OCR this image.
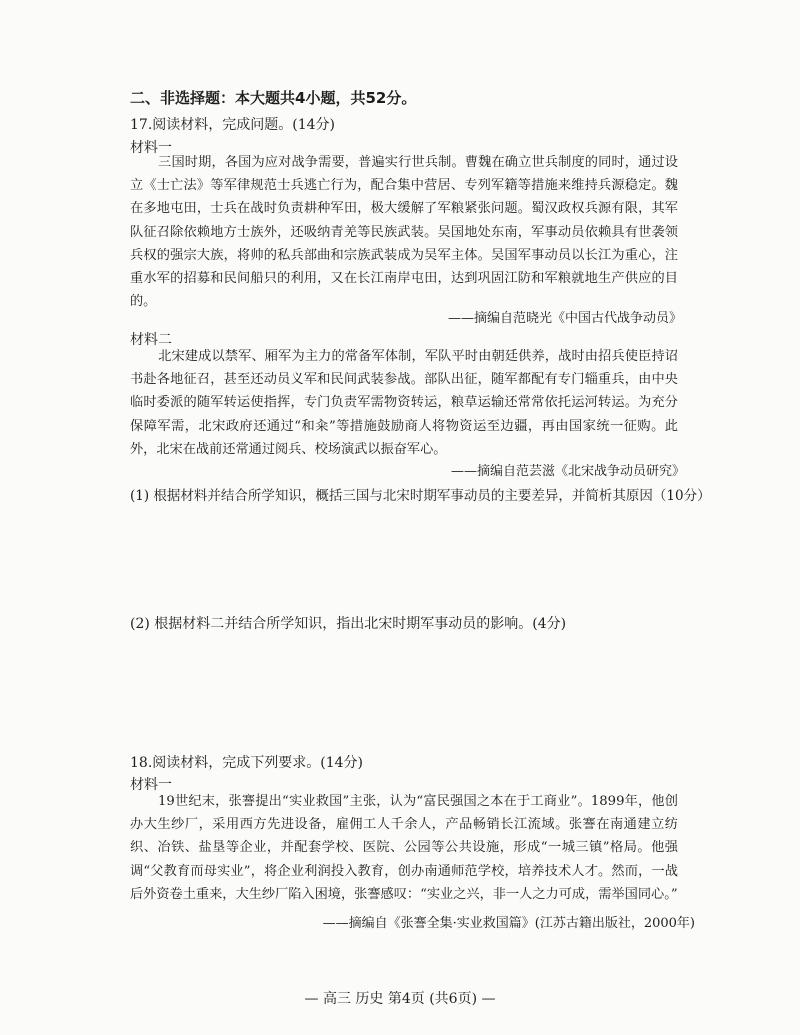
二、非选择题：本大题共4小题，共52分。
17.阅读材料，完成问题。(14分)
材料一
三国时期，各国为应对战争需要，普遍实行世兵制。曹魏在确立世兵制度的同时，通过设立《士亡法》等军律规范士兵逃亡行为，配合集中营居、专列军籍等措施来维持兵源稳定。魏在多地屯田，士兵在战时负责耕种军田，极大缓解了军粮紧张问题。蜀汉政权兵源有限，其军队征召除依赖地方士族外，还吸纳青羌等民族武装。吴国地处东南，军事动员依赖具有世袭领兵权的强宗大族，将帅的私兵部曲和宗族武装成为吴军主体。吴国军事动员以长江为重心，注重水军的招募和民间船只的利用，又在长江南岸屯田，达到巩固江防和军粮就地生产供应的目的。
——摘编自范晓光《中国古代战争动员》
材料二
北宋建成以禁军、厢军为主力的常备军体制，军队平时由朝廷供养，战时由招兵使臣持诏书赴各地征召，甚至还动员义军和民间武装参战。部队出征，随军都配有专门辎重兵，由中央临时委派的随军转运使指挥，专门负责军需物资转运，粮草运输还常常依托运河转运。为充分保障军需，北宋政府还通过“和籴”等措施鼓励商人将物资运至边疆，再由国家统一征购。此外，北宋在战前还常通过阅兵、校场演武以振奋军心。
——摘编自范芸滋《北宋战争动员研究》
(1) 根据材料并结合所学知识，概括三国与北宋时期军事动员的主要差异，并简析其原因（10分）
(2) 根据材料二并结合所学知识，指出北宋时期军事动员的影响。(4分)
18.阅读材料，完成下列要求。(14分)
材料一
19世纪末，张謇提出“实业救国”主张，认为“富民强国之本在于工商业”。1899年，他创办大生纱厂，采用西方先进设备，雇佣工人千余人，产品畅销长江流域。张謇在南通建立纺织、冶铁、盐垦等企业，并配套学校、医院、公园等公共设施，形成“一城三镇”格局。他强调“父教育而母实业”，将企业利润投入教育，创办南通师范学校，培养技术人才。然而，一战后外资卷土重来，大生纱厂陷入困境，张謇感叹：“实业之兴，非一人之力可成，需举国同心。”
——摘编自《张謇全集·实业救国篇》(江苏古籍出版社，2000年)
— 高三 历史 第4页 (共6页) —
